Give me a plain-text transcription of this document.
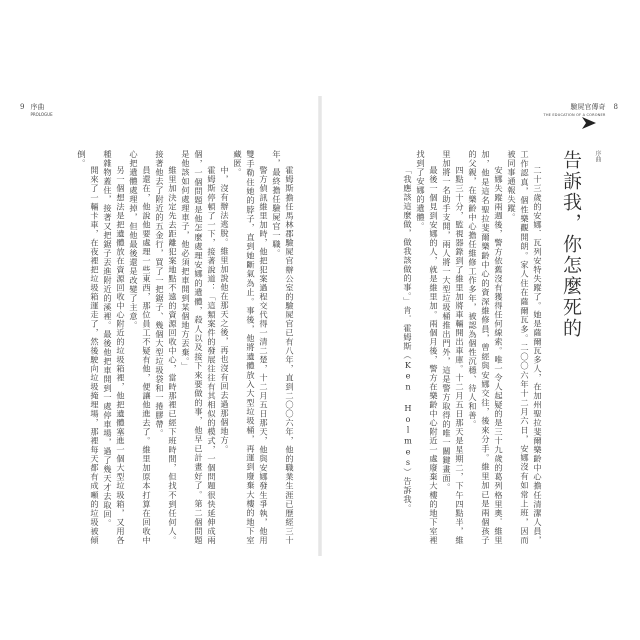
9 序曲
PROLOGUE
驗屍官傳奇
THE EDUCATION OF A CORONER
8
序曲
告訴我，你怎麼死的

二十三歲的安娜．瓦列安特失蹤了。她是薩爾瓦多人，在加州聖拉斐爾樂齡中心擔任清潔人員，工作認真，個性樂觀開朗。家人住在薩爾瓦多。二〇〇六年十二月六日，安娜沒有如常上班，因而被同事通報失蹤。

安娜失蹤兩週後，警方依舊沒有獲得任何線索。唯一令人起疑的是三十九歲的葛列格里奧．維里加，他是這名聖拉斐爾樂齡中心的資深維修員，曾經與安娜交往，後來分手。維里加已是兩個孩子的父親，在樂齡中心擔任維修工作多年，被認為個性沉穩、待人和善。

四點三十分，監視器錄到了維里加將車輛開出車庫。十二月五日那天是星期二，下午四點半，維里加將一名助手支開，兩人將一大型垃圾桶推出門外，這是警方取得的唯一關鍵畫面。

最後一個見到安娜的人，就是維里加。兩個月後，警方在樂齡中心附近一處廢棄大樓的地下室裡找到了安娜的遺體。

「我應該這麼做，做我該做的事。」肯．霍姆斯（Ken Holmes）告訴我。

霍姆斯擔任馬林郡驗屍官辦公室的驗屍官已有八年，直到二〇〇六年，他的職業生涯已歷經三十年，最終擔任驗屍官一職。

警方偵訊維里加時，他把犯案過程交代得一清二楚，十二月五日那天，他與安娜發生爭執，他用雙手勒住她的脖子，直到她斷氣為止。事後，他將遺體放入大型垃圾桶，再運到廢棄大樓的地下室藏匿。

中，沒有辦法逃脫。維里加說他在那天之後，再也沒有回去過那個地方。

霍姆斯停頓了一下，接著說道：「這類案件的發展往往有其相似的模式，一個問題很快延伸成兩個，一個問題是他怎麼處理安娜的遺體，殺人以及接下來要做的事，他早已計畫好了。第二個問題是他該如何處理車子，他必須把車開到某個地方丟棄。」

維里加決定先去距離犯案地點不遠的資源回收中心，當時那裡已經下班時間，但找不到任何人。接著他去了附近的五金行，買了一把鋸子、幾個大型垃圾袋和一捲膠帶。

員還在，他說他要處理一些東西，那位員工不疑有他，便讓他進去了。維里加原本打算在回收中心把遺體處理掉，但他最後還是改變了主意。

另一個想法是把遺體放在資源回收中心附近的垃圾箱裡，他把遺體塞進一個大型垃圾箱，又用各種雜物蓋住，接著又把鋸子丟進附近的溪裡。最後他把車開到一處停車場，過了幾天才去取回。

開來了一輛卡車，在夜裡把垃圾箱運走了，然後駛向垃圾掩埋場，那裡每天都有成噸的垃圾被傾倒。
